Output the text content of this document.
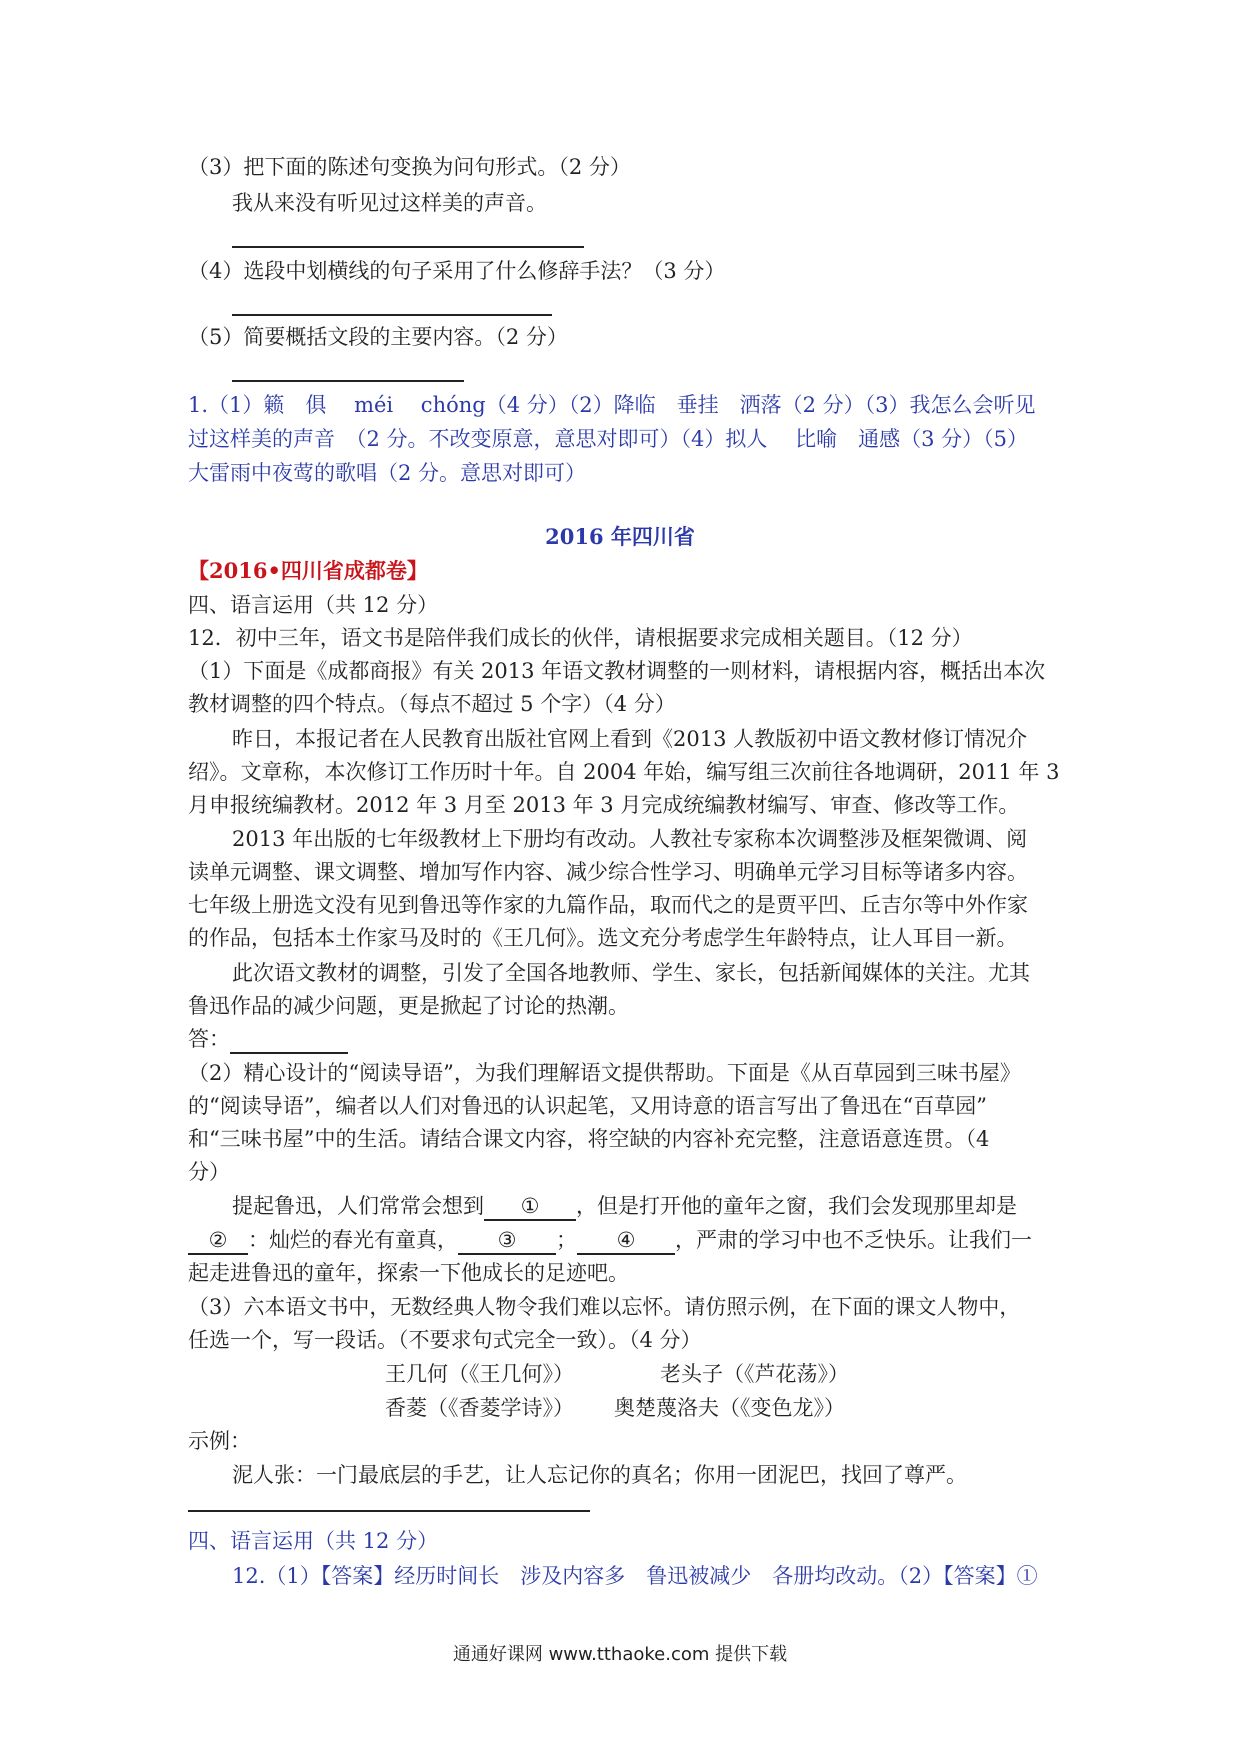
（3）把下面的陈述句变换为问句形式。（2 分）
我从来没有听见过这样美的声音。
（4）选段中划横线的句子采用了什么修辞手法？（3 分）
（5）简要概括文段的主要内容。（2 分）
1.（1）籁　俱　 méi　 chóng（4 分）（2）降临　垂挂　洒落（2 分）（3）我怎么会听见
过这样美的声音　（2 分。不改变原意，意思对即可）（4）拟人　 比喻　通感（3 分）（5）
大雷雨中夜莺的歌唱（2 分。意思对即可）
2016 年四川省
【2016•四川省成都卷】
四、语言运用（共 12 分）
12．初中三年，语文书是陪伴我们成长的伙伴，请根据要求完成相关题目。（12 分）
（1）下面是《成都商报》有关 2013 年语文教材调整的一则材料，请根据内容，概括出本次
教材调整的四个特点。（每点不超过 5 个字）（4 分）
昨日，本报记者在人民教育出版社官网上看到《2013 人教版初中语文教材修订情况介
绍》。文章称，本次修订工作历时十年。自 2004 年始，编写组三次前往各地调研，2011 年 3
月申报统编教材。2012 年 3 月至 2013 年 3 月完成统编教材编写、审查、修改等工作。
2013 年出版的七年级教材上下册均有改动。人教社专家称本次调整涉及框架微调、阅
读单元调整、课文调整、增加写作内容、减少综合性学习、明确单元学习目标等诸多内容。
七年级上册选文没有见到鲁迅等作家的九篇作品，取而代之的是贾平凹、丘吉尔等中外作家
的作品，包括本土作家马及时的《王几何》。选文充分考虑学生年龄特点，让人耳目一新。
此次语文教材的调整，引发了全国各地教师、学生、家长，包括新闻媒体的关注。尤其
鲁迅作品的减少问题，更是掀起了讨论的热潮。
答：
（2）精心设计的“阅读导语”，为我们理解语文提供帮助。下面是《从百草园到三味书屋》
的“阅读导语”，编者以人们对鲁迅的认识起笔，又用诗意的语言写出了鲁迅在“百草园”
和“三味书屋”中的生活。请结合课文内容，将空缺的内容补充完整，注意语意连贯。（4
分）
提起鲁迅，人们常常会想到 ① ，但是打开他的童年之窗，我们会发现那里却是
② ：灿烂的春光有童真， ③ ； ④ ，严肃的学习中也不乏快乐。让我们一
起走进鲁迅的童年，探索一下他成长的足迹吧。
（3）六本语文书中，无数经典人物令我们难以忘怀。请仿照示例，在下面的课文人物中，
任选一个，写一段话。（不要求句式完全一致）。（4 分）
王几何（《王几何》）	老头子（《芦花荡》）
香菱（《香菱学诗》） 奥楚蔑洛夫（《变色龙》）
示例：
泥人张：一门最底层的手艺，让人忘记你的真名；你用一团泥巴，找回了尊严。
四、语言运用（共 12 分）
12.（1）【答案】经历时间长　涉及内容多　鲁迅被减少　各册均改动。（2）【答案】①
通通好课网 www.tthaoke.com 提供下载
